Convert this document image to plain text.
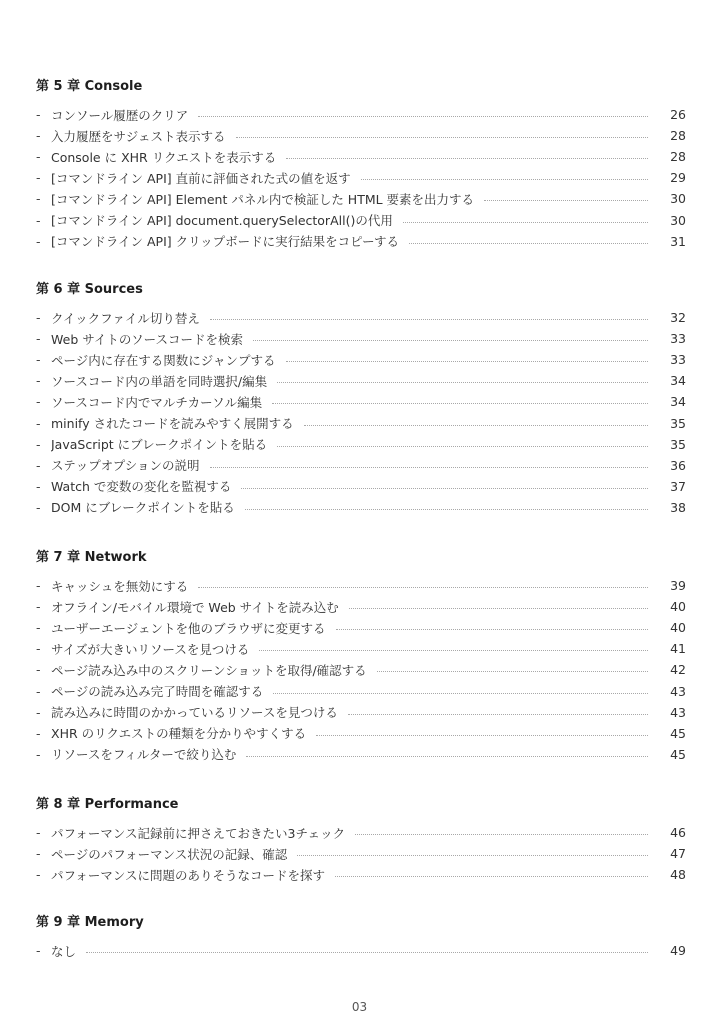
第 5 章 Console
- コンソール履歴のクリア	26
- 入力履歴をサジェスト表示する	28
- Console に XHR リクエストを表示する	28
- [コマンドライン API] 直前に評価された式の値を返す	29
- [コマンドライン API] Element パネル内で検証した HTML 要素を出力する	30
- [コマンドライン API] document.querySelectorAll()の代用	30
- [コマンドライン API] クリップボードに実行結果をコピーする	31
第 6 章 Sources
- クイックファイル切り替え	32
- Web サイトのソースコードを検索	33
- ページ内に存在する関数にジャンプする	33
- ソースコード内の単語を同時選択/編集	34
- ソースコード内でマルチカーソル編集	34
- minify されたコードを読みやすく展開する	35
- JavaScript にブレークポイントを貼る	35
- ステップオプションの説明	36
- Watch で変数の変化を監視する	37
- DOM にブレークポイントを貼る	38
第 7 章 Network
- キャッシュを無効にする	39
- オフライン/モバイル環境で Web サイトを読み込む	40
- ユーザーエージェントを他のブラウザに変更する	40
- サイズが大きいリソースを見つける	41
- ページ読み込み中のスクリーンショットを取得/確認する	42
- ページの読み込み完了時間を確認する	43
- 読み込みに時間のかかっているリソースを見つける	43
- XHR のリクエストの種類を分かりやすくする	45
- リソースをフィルターで絞り込む	45
第 8 章 Performance
- パフォーマンス記録前に押さえておきたい3チェック	46
- ページのパフォーマンス状況の記録、確認	47
- パフォーマンスに問題のありそうなコードを探す	48
第 9 章 Memory
- なし	49
03
